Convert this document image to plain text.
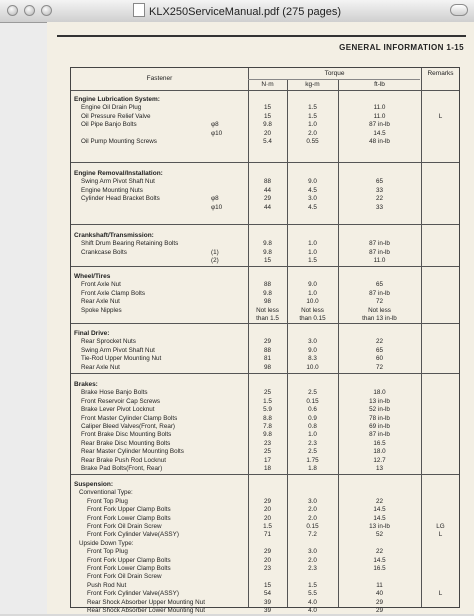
KLX250ServiceManual.pdf (275 pages)
GENERAL INFORMATION 1-15
Fastener
Torque
N·m	kg-m	ft-lb
Remarks
Engine Lubrication System:
Engine Oil Drain Plug	15	1.5	11.0
Oil Pressure Relief Valve	15	1.5	11.0	L
Oil Pipe Banjo Bolts	φ8	9.8	1.0	87 in-lb
φ10	20	2.0	14.5
Oil Pump Mounting Screws	5.4	0.55	48 in-lb
Engine Removal/Installation:
Swing Arm Pivot Shaft Nut	88	9.0	65
Engine Mounting Nuts	44	4.5	33
Cylinder Head Bracket Bolts	φ8	29	3.0	22
φ10	44	4.5	33
Crankshaft/Transmission:
Shift Drum Bearing Retaining Bolts	9.8	1.0	87 in-lb
Crankcase Bolts	(1)	9.8	1.0	87 in-lb
(2)	15	1.5	11.0
Wheel/Tires
Front Axle Nut	88	9.0	65
Front Axle Clamp Bolts	9.8	1.0	87 in-lb
Rear Axle Nut	98	10.0	72
Spoke Nipples	Not less	Not less	Not less
than 1.5	than 0.15	than 13 in-lb
Final Drive:
Rear Sprocket Nuts	29	3.0	22
Swing Arm Pivot Shaft Nut	88	9.0	65
Tie-Rod Upper Mounting Nut	81	8.3	60
Rear Axle Nut	98	10.0	72
Brakes:
Brake Hose Banjo Bolts	25	2.5	18.0
Front Reservoir Cap Screws	1.5	0.15	13 in-lb
Brake Lever Pivot Locknut	5.9	0.6	52 in-lb
Front Master Cylinder Clamp Bolts	8.8	0.9	78 in-lb
Caliper Bleed Valves(Front, Rear)	7.8	0.8	69 in-lb
Front Brake Disc Mounting Bolts	9.8	1.0	87 in-lb
Rear Brake Disc Mounting Bolts	23	2.3	16.5
Rear Master Cylinder Mounting Bolts	25	2.5	18.0
Rear Brake Push Rod Locknut	17	1.75	12.7
Brake Pad Bolts(Front, Rear)	18	1.8	13
Suspension:
Conventional Type:
Front Top Plug	29	3.0	22
Front Fork Upper Clamp Bolts	20	2.0	14.5
Front Fork Lower Clamp Bolts	20	2.0	14.5
Front Fork Oil Drain Screw	1.5	0.15	13 in-lb	LG
Front Fork Cylinder Valve(ASSY)	71	7.2	52	L
Upside Down Type:
Front Top Plug	29	3.0	22
Front Fork Upper Clamp Bolts	20	2.0	14.5
Front Fork Lower Clamp Bolts	23	2.3	16.5
Front Fork Oil Drain Screw
Push Rod Nut	15	1.5	11
Front Fork Cylinder Valve(ASSY)	54	5.5	40	L
Rear Shock Absorber Upper Mounting Nut	39	4.0	29
Rear Shock Absorber Lower Mounting Nut	39	4.0	29
